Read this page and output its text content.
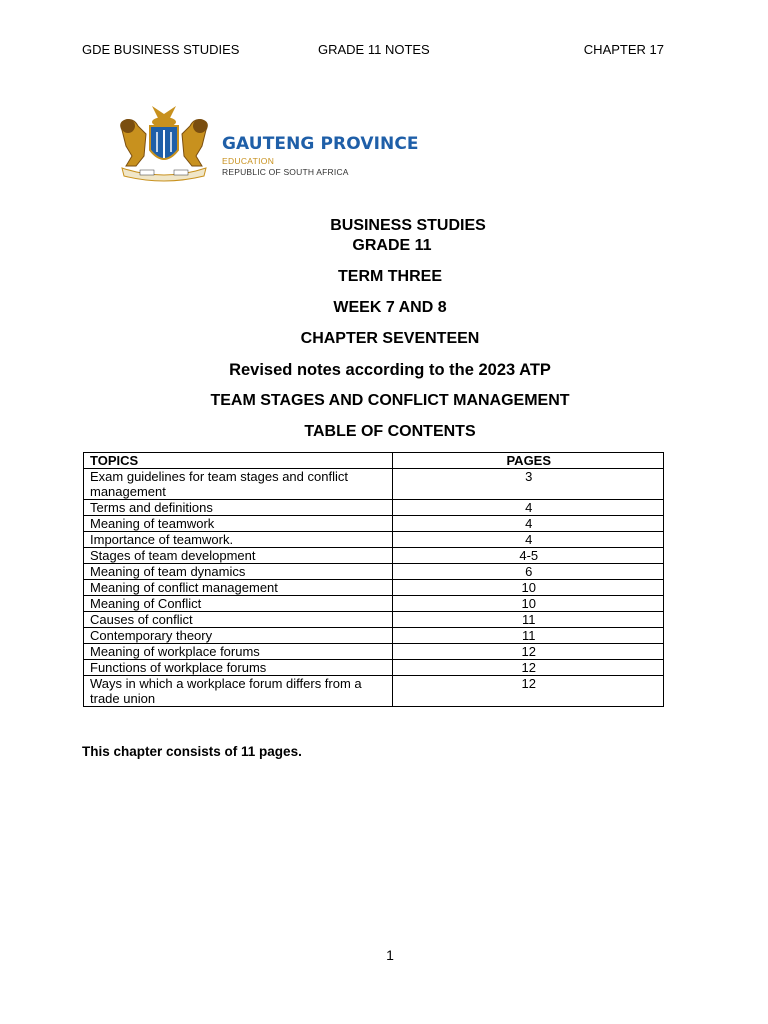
GDE BUSINESS STUDIES	GRADE 11 NOTES	CHAPTER 17
GAUTENG PROVINCE
EDUCATION
REPUBLIC OF SOUTH AFRICA
BUSINESS STUDIES
GRADE 11
TERM THREE
WEEK 7 AND 8
CHAPTER SEVENTEEN
Revised notes according to the 2023 ATP
TEAM STAGES AND CONFLICT MANAGEMENT
TABLE OF CONTENTS
TOPICS	PAGES
Exam guidelines for team stages and conflict management	3
Terms and definitions	4
Meaning of teamwork	4
Importance of teamwork.	4
Stages of team development	4-5
Meaning of team dynamics	6
Meaning of conflict management	10
Meaning of Conflict	10
Causes of conflict	11
Contemporary theory	11
Meaning of workplace forums	12
Functions of workplace forums	12
Ways in which a workplace forum differs from a trade union	12
This chapter consists of 11 pages.
1
